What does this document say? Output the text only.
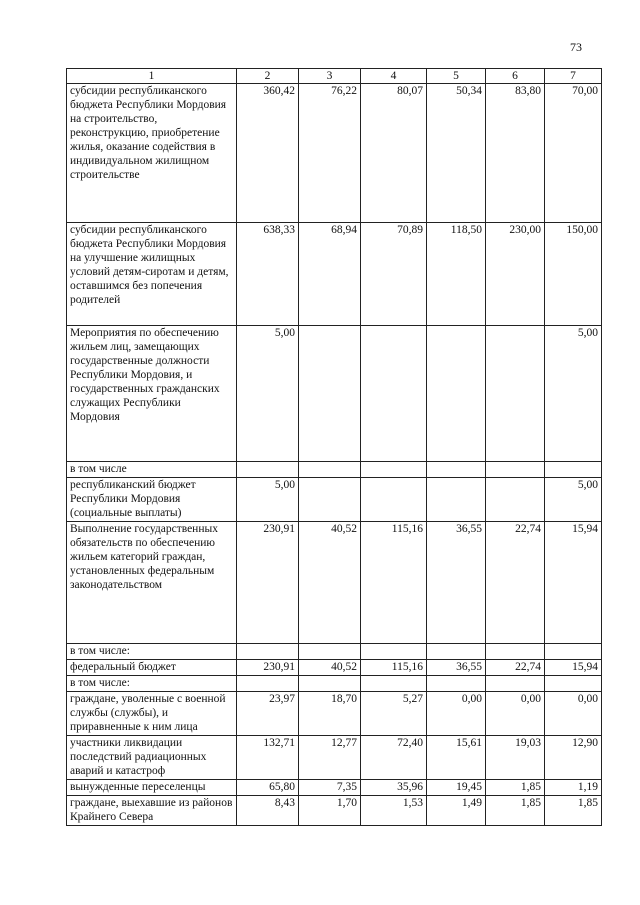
73
1	2	3	4	5	6	7
субсидии республиканского бюджета Республики Мордовия на строительство, реконструкцию, приобретение жилья, оказание содействия в индивидуальном жилищном строительстве	360,42	76,22	80,07	50,34	83,80	70,00
субсидии республиканского бюджета Республики Мордовия на улучшение жилищных условий детям-сиротам и детям, оставшимся без попечения родителей	638,33	68,94	70,89	118,50	230,00	150,00
Мероприятия по обеспечению жильем лиц, замещающих государственные должности Республики Мордовия, и государственных гражданских служащих Республики Мордовия	5,00					5,00
в том числе						
республиканский бюджет Республики Мордовия (социальные выплаты)	5,00					5,00
Выполнение государственных обязательств по обеспечению жильем категорий граждан, установленных федеральным законодательством	230,91	40,52	115,16	36,55	22,74	15,94
в том числе:						
федеральный бюджет	230,91	40,52	115,16	36,55	22,74	15,94
в том числе:						
граждане, уволенные с военной службы (службы), и приравненные к ним лица	23,97	18,70	5,27	0,00	0,00	0,00
участники ликвидации последствий радиационных аварий и катастроф	132,71	12,77	72,40	15,61	19,03	12,90
вынужденные переселенцы	65,80	7,35	35,96	19,45	1,85	1,19
граждане, выехавшие из районов Крайнего Севера	8,43	1,70	1,53	1,49	1,85	1,85
